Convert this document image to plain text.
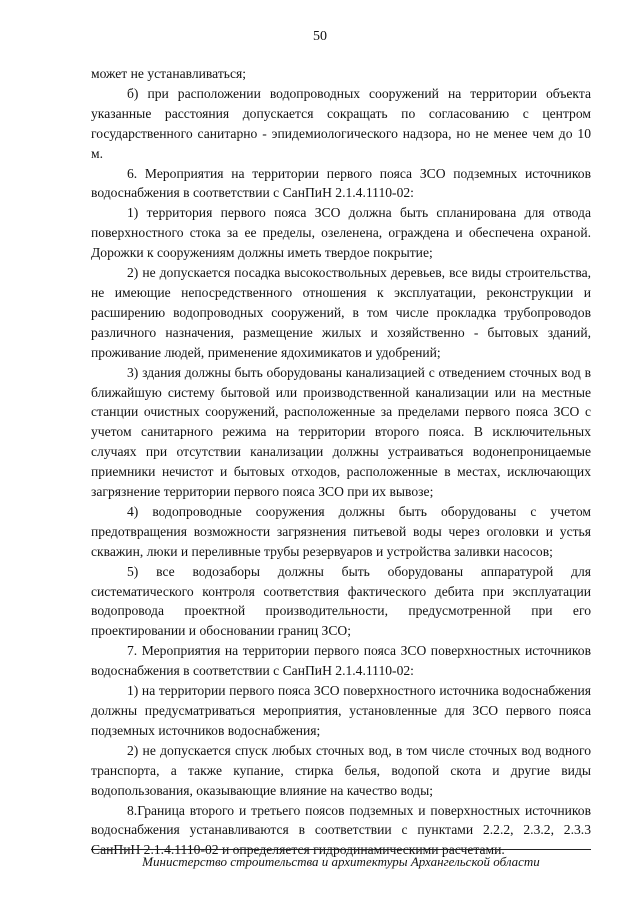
50

может не устанавливаться;

б) при расположении водопроводных сооружений на территории объекта указанные расстояния допускается сокращать по согласованию с центром государственного санитарно - эпидемиологического надзора, но не менее чем до 10 м.

6. Мероприятия на территории первого пояса ЗСО подземных источников водоснабжения в соответствии с СанПиН 2.1.4.1110-02:

1) территория первого пояса ЗСО должна быть спланирована для отвода поверхностного стока за ее пределы, озеленена, ограждена и обеспечена охраной. Дорожки к сооружениям должны иметь твердое покрытие;

2) не допускается посадка высокоствольных деревьев, все виды строительства, не имеющие непосредственного отношения к эксплуатации, реконструкции и расширению водопроводных сооружений, в том числе прокладка трубопроводов различного назначения, размещение жилых и хозяйственно - бытовых зданий, проживание людей, применение ядохимикатов и удобрений;

3) здания должны быть оборудованы канализацией с отведением сточных вод в ближайшую систему бытовой или производственной канализации или на местные станции очистных сооружений, расположенные за пределами первого пояса ЗСО с учетом санитарного режима на территории второго пояса. В исключительных случаях при отсутствии канализации должны устраиваться водонепроницаемые приемники нечистот и бытовых отходов, расположенные в местах, исключающих загрязнение территории первого пояса ЗСО при их вывозе;

4) водопроводные сооружения должны быть оборудованы с учетом предотвращения возможности загрязнения питьевой воды через оголовки и устья скважин, люки и переливные трубы резервуаров и устройства заливки насосов;

5) все водозаборы должны быть оборудованы аппаратурой для систематического контроля соответствия фактического дебита при эксплуатации водопровода проектной производительности, предусмотренной при его проектировании и обосновании границ ЗСО;

7. Мероприятия на территории первого пояса ЗСО поверхностных источников водоснабжения в соответствии с СанПиН 2.1.4.1110-02:

1) на территории первого пояса ЗСО поверхностного источника водоснабжения должны предусматриваться мероприятия, установленные для ЗСО первого пояса подземных источников водоснабжения;

2) не допускается спуск любых сточных вод, в том числе сточных вод водного транспорта, а также купание, стирка белья, водопой скота и другие виды водопользования, оказывающие влияние на качество воды;

8.Граница второго и третьего поясов подземных и поверхностных источников водоснабжения устанавливаются в соответствии с пунктами 2.2.2, 2.3.2, 2.3.3 СанПиН 2.1.4.1110-02 и определяется гидродинамическими расчетами.

Министерство строительства и архитектуры Архангельской области
